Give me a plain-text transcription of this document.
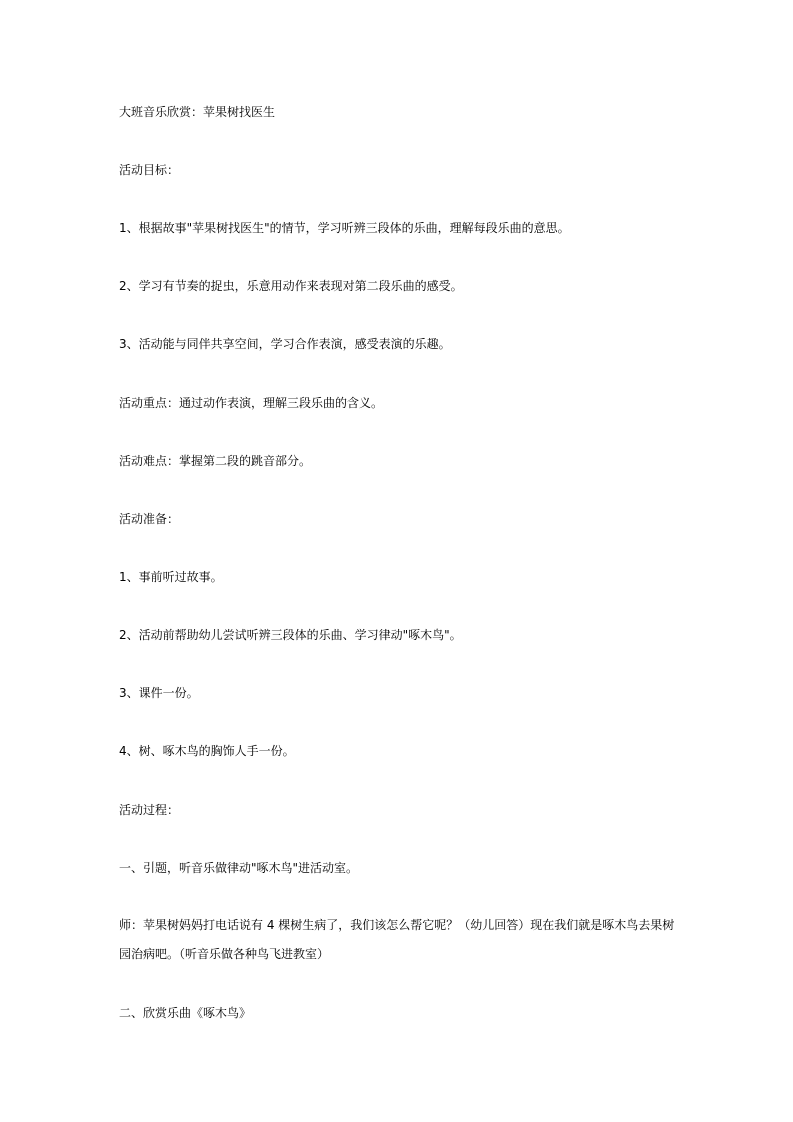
大班音乐欣赏：苹果树找医生
活动目标：
1、根据故事"苹果树找医生"的情节，学习听辨三段体的乐曲，理解每段乐曲的意思。
2、学习有节奏的捉虫，乐意用动作来表现对第二段乐曲的感受。
3、活动能与同伴共享空间，学习合作表演，感受表演的乐趣。
活动重点：通过动作表演，理解三段乐曲的含义。
活动难点：掌握第二段的跳音部分。
活动准备：
1、事前听过故事。
2、活动前帮助幼儿尝试听辨三段体的乐曲、学习律动"啄木鸟"。
3、课件一份。
4、树、啄木鸟的胸饰人手一份。
活动过程：
一、引题，听音乐做律动"啄木鸟"进活动室。
师：苹果树妈妈打电话说有 4 棵树生病了，我们该怎么帮它呢？（幼儿回答）现在我们就是啄木鸟去果树园治病吧。（听音乐做各种鸟飞进教室）
二、欣赏乐曲《啄木鸟》
